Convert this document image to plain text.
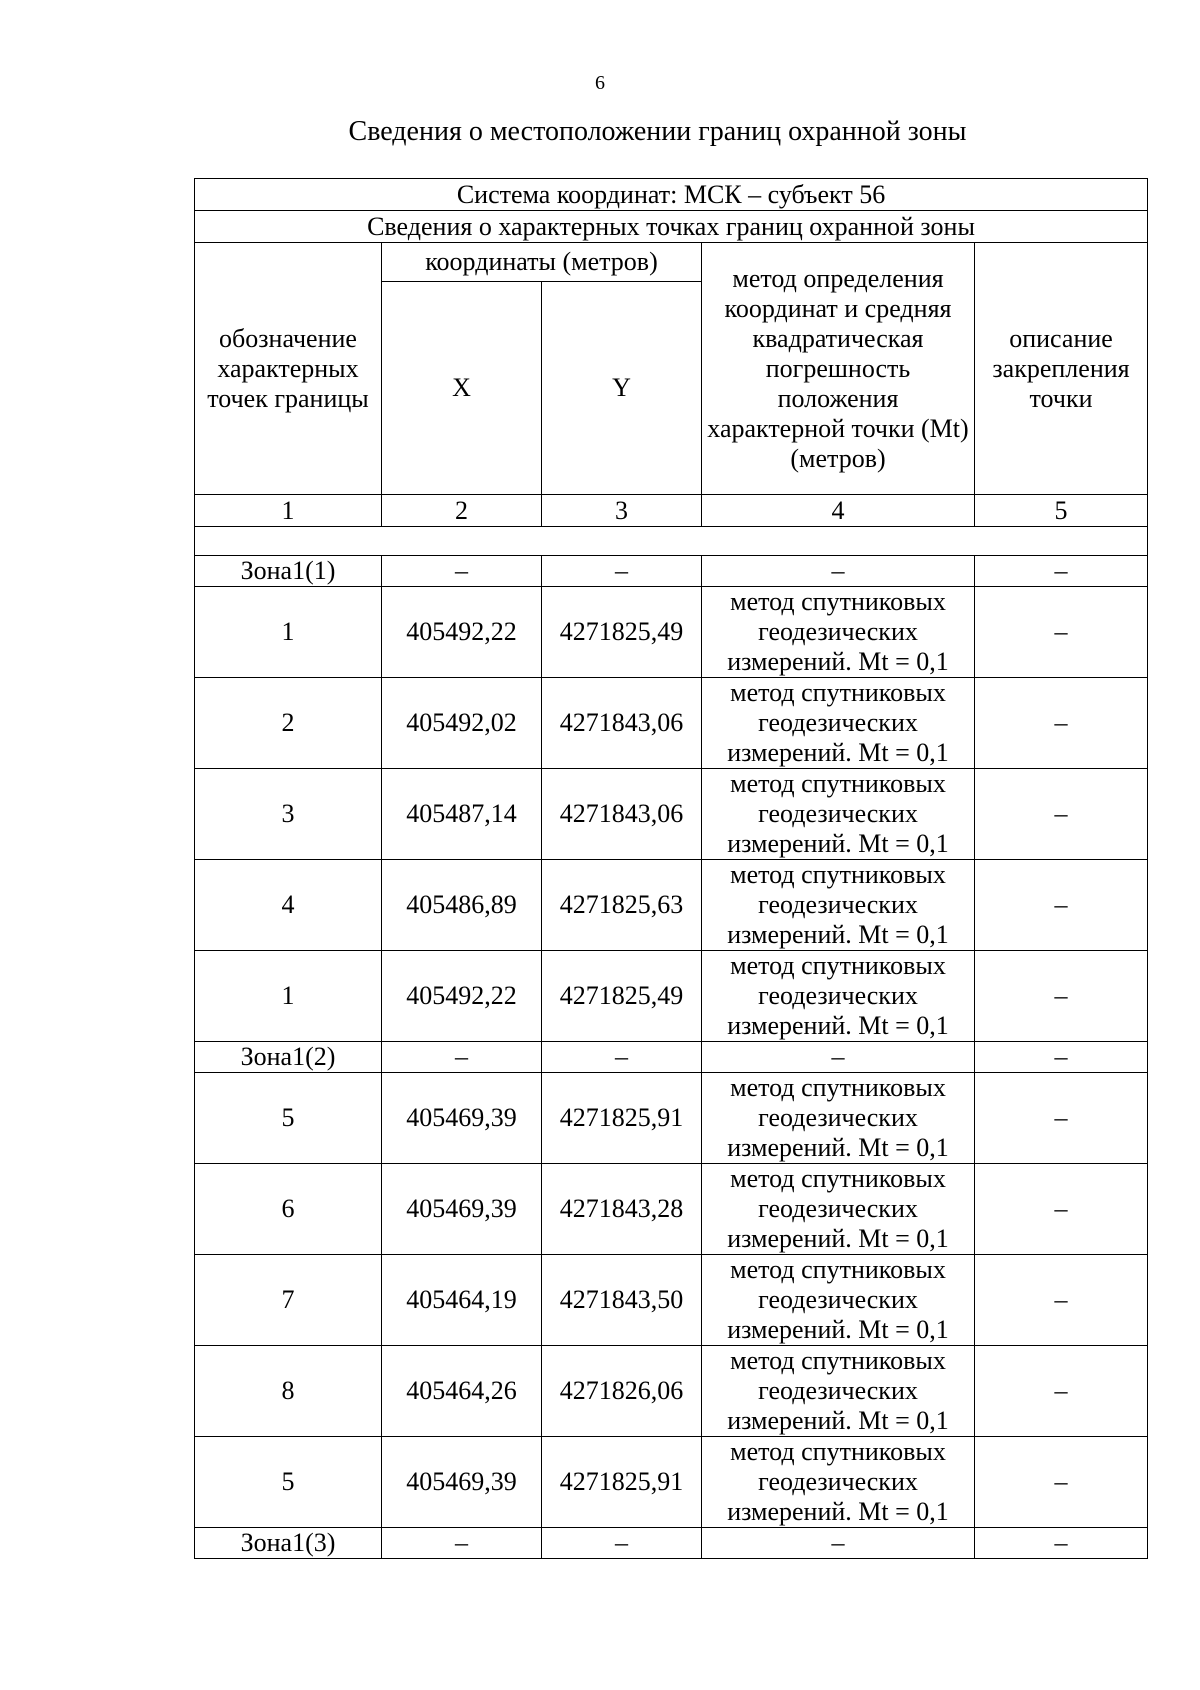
6
Сведения о местоположении границ охранной зоны
Система координат: МСК – субъект 56				
Сведения о характерных точках границ охранной зоны				
обозначение характерных точек границы	координаты (метров)		метод определения координат и средняя квадратическая погрешность положения характерной точки (Mt) (метров)	описание закрепления точки
	X	Y		
1	2	3	4	5

Зона1(1)	–	–	–	–
1	405492,22	4271825,49	метод спутниковых геодезических измерений. Mt = 0,1	–
2	405492,02	4271843,06	метод спутниковых геодезических измерений. Mt = 0,1	–
3	405487,14	4271843,06	метод спутниковых геодезических измерений. Mt = 0,1	–
4	405486,89	4271825,63	метод спутниковых геодезических измерений. Mt = 0,1	–
1	405492,22	4271825,49	метод спутниковых геодезических измерений. Mt = 0,1	–
Зона1(2)	–	–	–	–
5	405469,39	4271825,91	метод спутниковых геодезических измерений. Mt = 0,1	–
6	405469,39	4271843,28	метод спутниковых геодезических измерений. Mt = 0,1	–
7	405464,19	4271843,50	метод спутниковых геодезических измерений. Mt = 0,1	–
8	405464,26	4271826,06	метод спутниковых геодезических измерений. Mt = 0,1	–
5	405469,39	4271825,91	метод спутниковых геодезических измерений. Mt = 0,1	–
Зона1(3)	–	–	–	–
